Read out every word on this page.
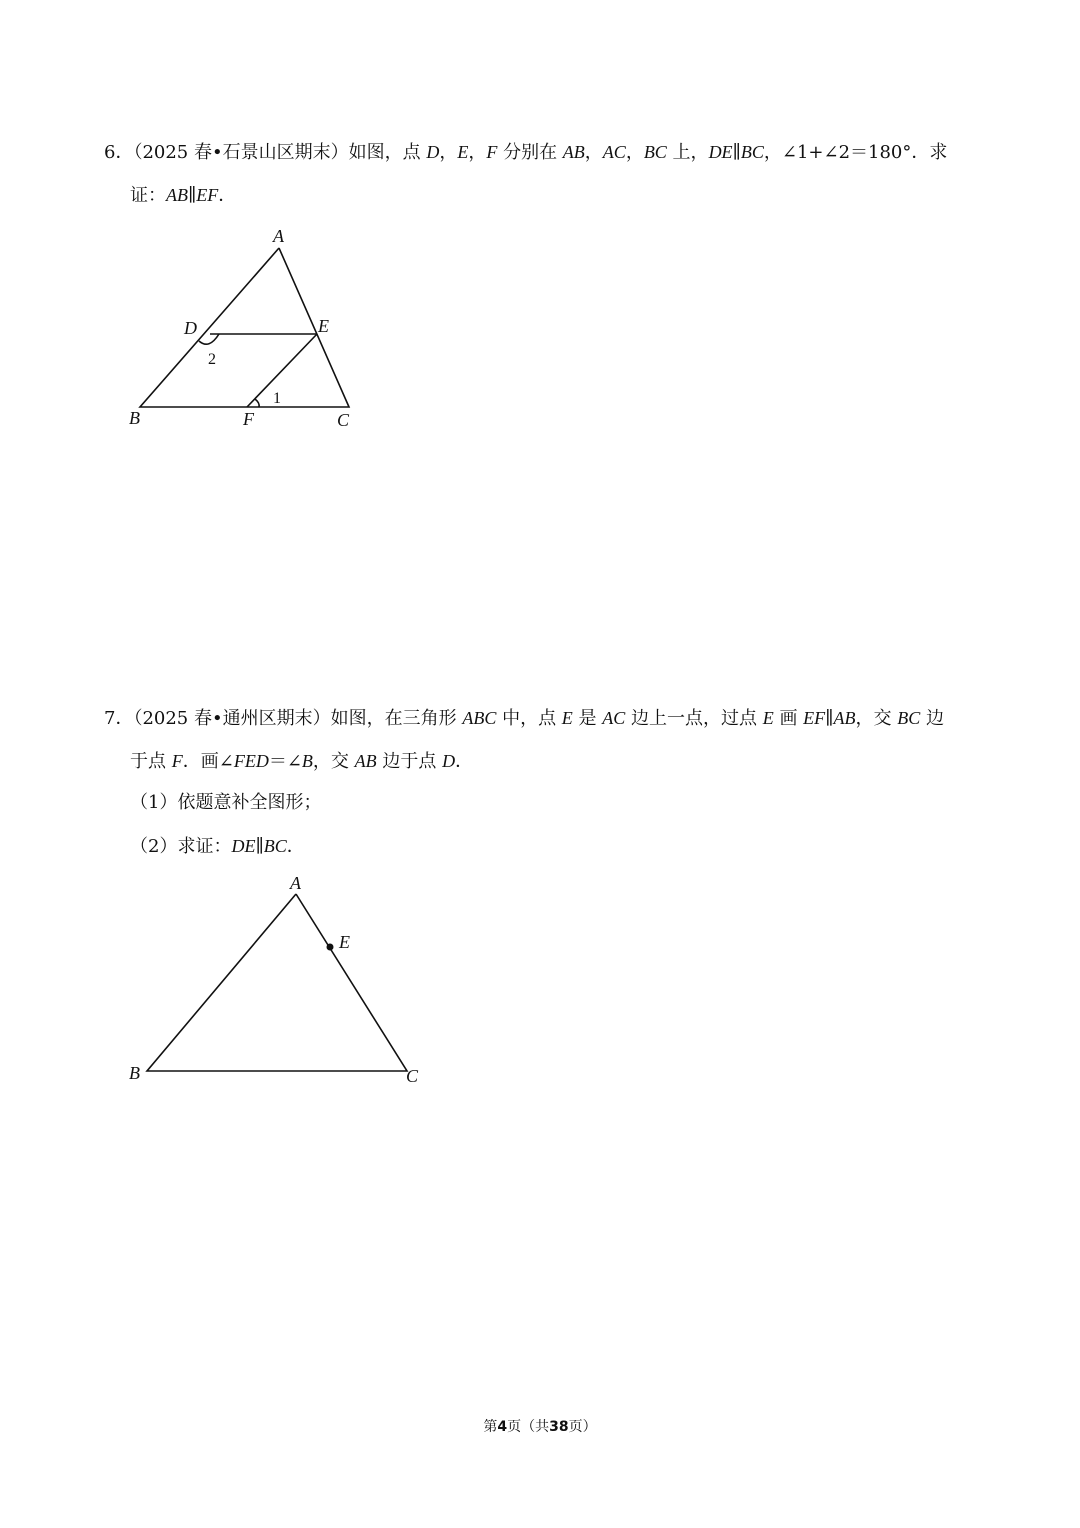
6．（2025 春•石景山区期末）如图，点 D，E，F 分别在 AB，AC，BC 上，DE∥BC，∠1+∠2＝180°．求
证：AB∥EF．
A
D	E
B	F	C
2
1
7．（2025 春•通州区期末）如图，在三角形 ABC 中，点 E 是 AC 边上一点，过点 E 画 EF∥AB，交 BC 边
于点 F．画∠FED＝∠B，交 AB 边于点 D．
（1）依题意补全图形；
（2）求证：DE∥BC．
A
E
B	C
第4页（共38页）
